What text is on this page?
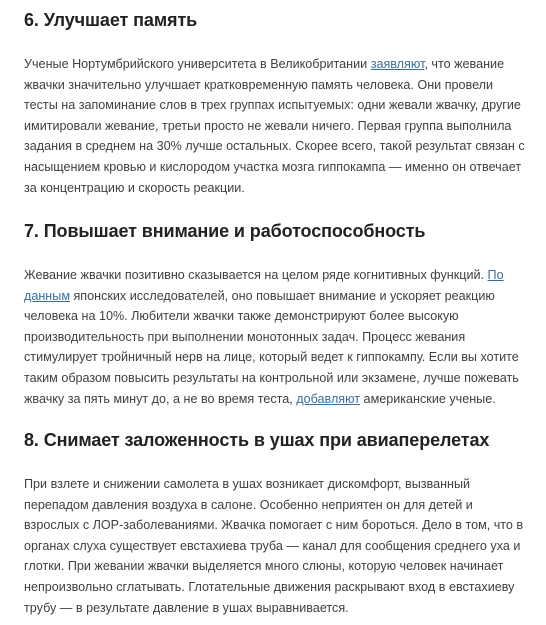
6. Улучшает память

Ученые Нортумбрийского университета в Великобритании заявляют, что жевание жвачки значительно улучшает кратковременную память человека. Они провели тесты на запоминание слов в трех группах испытуемых: одни жевали жвачку, другие имитировали жевание, третьи просто не жевали ничего. Первая группа выполнила задания в среднем на 30% лучше остальных. Скорее всего, такой результат связан с насыщением кровью и кислородом участка мозга гиппокампа — именно он отвечает за концентрацию и скорость реакции.

7. Повышает внимание и работоспособность

Жевание жвачки позитивно сказывается на целом ряде когнитивных функций. По данным японских исследователей, оно повышает внимание и ускоряет реакцию человека на 10%. Любители жвачки также демонстрируют более высокую производительность при выполнении монотонных задач. Процесс жевания стимулирует тройничный нерв на лице, который ведет к гиппокампу. Если вы хотите таким образом повысить результаты на контрольной или экзамене, лучше пожевать жвачку за пять минут до, а не во время теста, добавляют американские ученые.

8. Снимает заложенность в ушах при авиаперелетах

При взлете и снижении самолета в ушах возникает дискомфорт, вызванный перепадом давления воздуха в салоне. Особенно неприятен он для детей и взрослых с ЛОР-заболеваниями. Жвачка помогает с ним бороться. Дело в том, что в органах слуха существует евстахиева труба — канал для сообщения среднего уха и глотки. При жевании жвачки выделяется много слюны, которую человек начинает непроизвольно сглатывать. Глотательные движения раскрывают вход в евстахиеву трубу — в результате давление в ушах выравнивается.
